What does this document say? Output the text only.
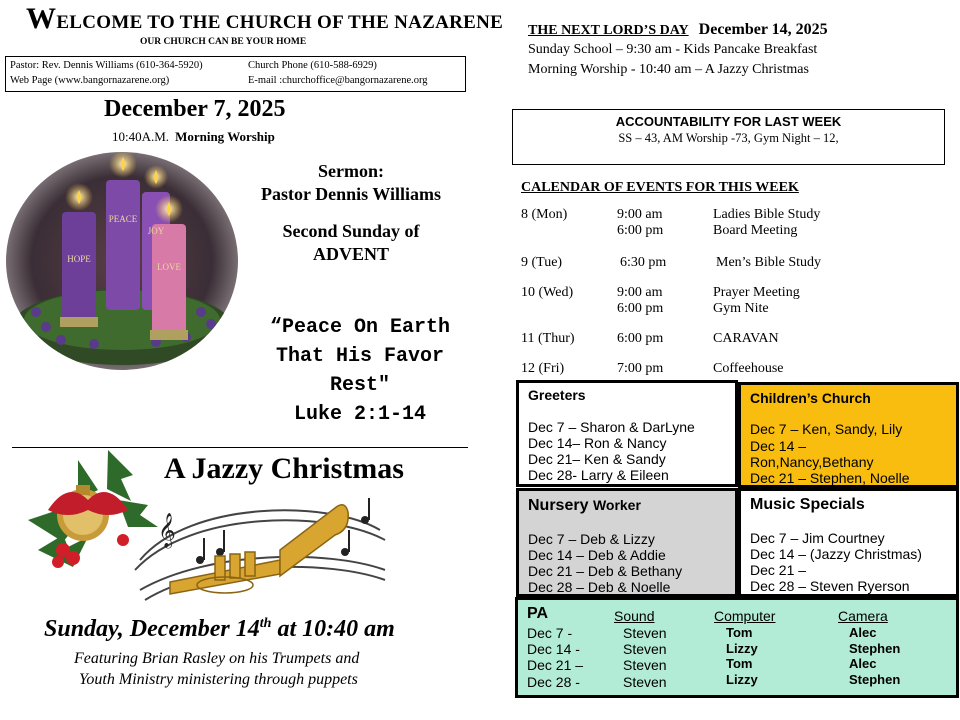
WELCOME TO THE CHURCH OF THE NAZARENE
OUR CHURCH CAN BE YOUR HOME
Pastor: Rev. Dennis Williams (610-364-5920)	Church Phone (610-588-6929)
Web Page (www.bangornazarene.org)	E-mail :churchoffice@bangornazarene.org
December 7, 2025
10:40A.M. Morning Worship
HOPE
PEACE
JOY
LOVE
Sermon:
Pastor Dennis Williams
Second Sunday of
ADVENT
“Peace On Earth
That His Favor
Rest"
Luke 2:1-14
𝄞
A Jazzy Christmas
Sunday, December 14th at 10:40 am
Featuring Brian Rasley on his Trumpets and
Youth Ministry ministering through puppets
THE NEXT LORD’S DAY December 14, 2025
Sunday School – 9:30 am - Kids Pancake Breakfast
Morning Worship - 10:40 am – A Jazzy Christmas
ACCOUNTABILITY FOR LAST WEEK
SS – 43, AM Worship -73, Gym Night – 12,
CALENDAR OF EVENTS FOR THIS WEEK
8 (Mon)	9:00 am	Ladies Bible Study
6:00 pm	Board Meeting
9 (Tue)	6:30 pm	Men’s Bible Study
10 (Wed)	9:00 am	Prayer Meeting
6:00 pm	Gym Nite
11 (Thur)	6:00 pm	CARAVAN
12 (Fri)	7:00 pm	Coffeehouse
Greeters
Dec 7 – Sharon & DarLyne
Dec 14– Ron & Nancy
Dec 21– Ken & Sandy
Dec 28- Larry & Eileen
Children’s Church
Dec 7 – Ken, Sandy, Lily
Dec 14 –
Ron,Nancy,Bethany
Dec 21 – Stephen, Noelle
Nursery Worker
Dec 7 – Deb & Lizzy
Dec 14 – Deb & Addie
Dec 21 – Deb & Bethany
Dec 28 – Deb & Noelle
Music Specials
Dec 7 – Jim Courtney
Dec 14 – (Jazzy Christmas)
Dec 21 –
Dec 28 – Steven Ryerson
PA	Sound	Computer	Camera
Dec 7 -	Steven	Tom	Alec
Dec 14 -	Steven	Lizzy	Stephen
Dec 21 –	Steven	Tom	Alec
Dec 28 -	Steven	Lizzy	Stephen
